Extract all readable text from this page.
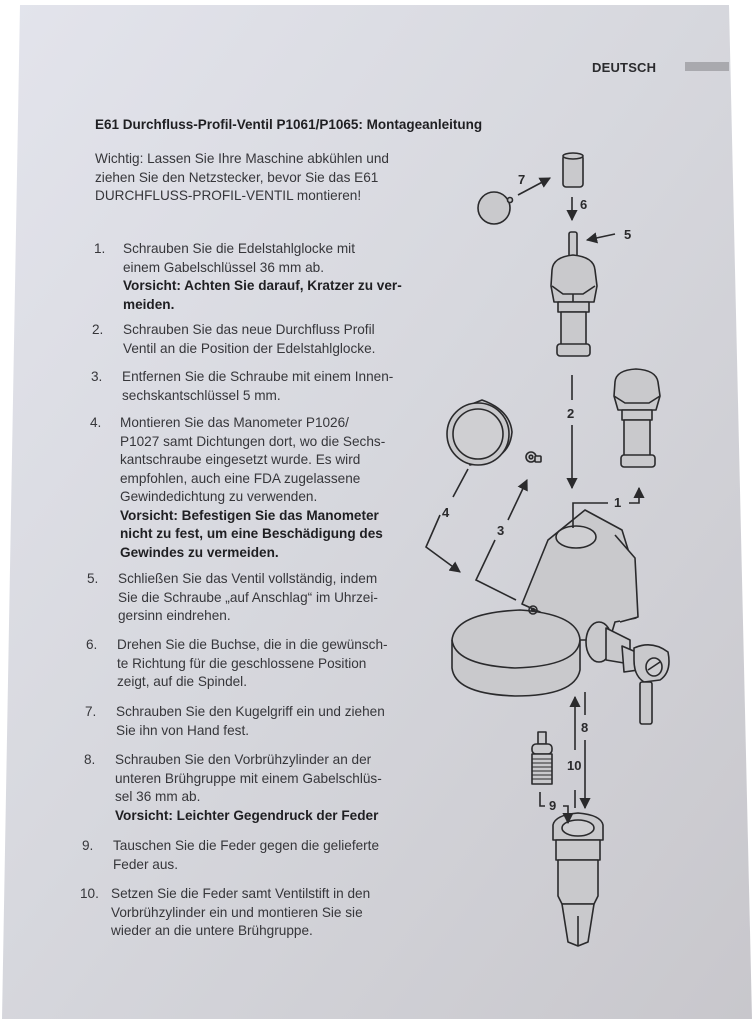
DEUTSCH
E61 Durchfluss-Profil-Ventil P1061/P1065: Montageanleitung
Wichtig: Lassen Sie Ihre Maschine abkühlen und
ziehen Sie den Netzstecker, bevor Sie das E61
DURCHFLUSS-PROFIL-VENTIL montieren!
1.	Schrauben Sie die Edelstahlglocke mit
einem Gabelschlüssel 36 mm ab.
Vorsicht: Achten Sie darauf, Kratzer zu ver-
meiden.
2.	Schrauben Sie das neue Durchfluss Profil
Ventil an die Position der Edelstahlglocke.
3.	Entfernen Sie die Schraube mit einem Innen-
sechskantschlüssel 5 mm.
4.	Montieren Sie das Manometer P1026/
P1027 samt Dichtungen dort, wo die Sechs-
kantschraube eingesetzt wurde. Es wird
empfohlen, auch eine FDA zugelassene
Gewindedichtung zu verwenden.
Vorsicht: Befestigen Sie das Manometer
nicht zu fest, um eine Beschädigung des
Gewindes zu vermeiden.
5.	Schließen Sie das Ventil vollständig, indem
Sie die Schraube „auf Anschlag“ im Uhrzei-
gersinn eindrehen.
6.	Drehen Sie die Buchse, die in die gewünsch-
te Richtung für die geschlossene Position
zeigt, auf die Spindel.
7.	Schrauben Sie den Kugelgriff ein und ziehen
Sie ihn von Hand fest.
8.	Schrauben Sie den Vorbrühzylinder an der
unteren Brühgruppe mit einem Gabelschlüs-
sel 36 mm ab.
Vorsicht: Leichter Gegendruck der Feder
9.	Tauschen Sie die Feder gegen die gelieferte
Feder aus.
10. Setzen Sie die Feder samt Ventilstift in den
Vorbrühzylinder ein und montieren Sie sie
wieder an die untere Brühgruppe.
7
6
5
2
1
4
3
8
10
9
